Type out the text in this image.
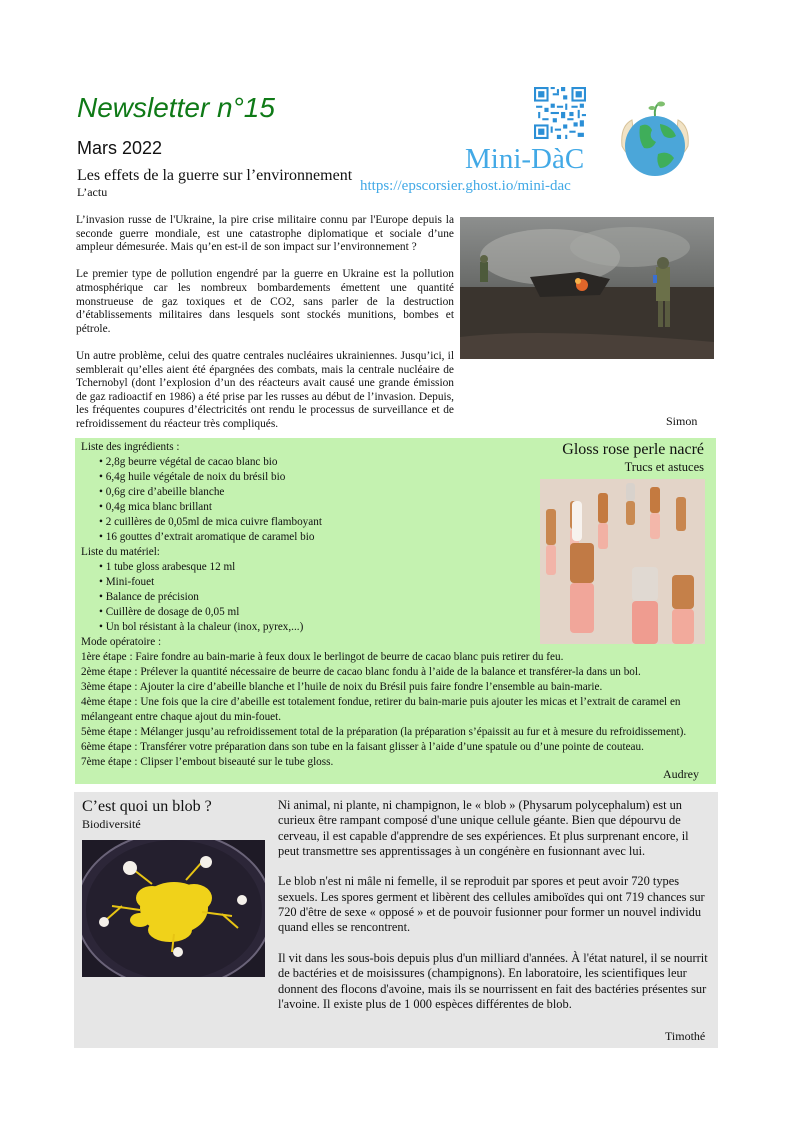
Newsletter n°15
Mars 2022	Mini-DàC
https://epscorsier.ghost.io/mini-dac
Les effets de la guerre sur l’environnement
L’actu

L’invasion russe de l'Ukraine, la pire crise militaire connu par l'Europe depuis la seconde guerre mondiale, est une catastrophe diplomatique et sociale d’une ampleur démesurée. Mais qu’en est-il de son impact sur l’environnement ?

Le premier type de pollution engendré par la guerre en Ukraine est la pollution atmosphérique car les nombreux bombardements émettent une quantité monstrueuse de gaz toxiques et de CO2, sans parler de la destruction d’établissements militaires dans lesquels sont stockés munitions, bombes et pétrole.

Un autre problème, celui des quatre centrales nucléaires ukrainiennes. Jusqu’ici, il semblerait qu’elles aient été épargnées des combats, mais la centrale nucléaire de Tchernobyl (dont l’explosion d’un des réacteurs avait causé une grande émission de gaz radioactif en 1986) a été prise par les russes au début de l’invasion. Depuis, les fréquentes coupures d’électricités ont rendu le processus de surveillance et de refroidissement du réacteur très compliqués.	Simon
Liste des ingrédients :
• 2,8g beurre végétal de cacao blanc bio
• 6,4g huile végétale de noix du brésil bio
• 0,6g cire d’abeille blanche
• 0,4g mica blanc brillant
• 2 cuillères de 0,05ml de mica cuivre flamboyant
• 16 gouttes d’extrait aromatique de caramel bio
Liste du matériel:
• 1 tube gloss arabesque 12 ml
• Mini-fouet
• Balance de précision
• Cuillère de dosage de 0,05 ml
• Un bol résistant à la chaleur (inox, pyrex,...)
Mode opératoire :
1ère étape : Faire fondre au bain-marie à feux doux le berlingot de beurre de cacao blanc puis retirer du feu.
2ème étape : Prélever la quantité nécessaire de beurre de cacao blanc fondu à l’aide de la balance et transférer-la dans un bol.
3ème étape : Ajouter la cire d’abeille blanche et l’huile de noix du Brésil puis faire fondre l’ensemble au bain-marie.
4ème étape : Une fois que la cire d’abeille est totalement fondue, retirer du bain-marie puis ajouter les micas et l’extrait de caramel en mélangeant entre chaque ajout du min-fouet.
5ème étape : Mélanger jusqu’au refroidissement total de la préparation (la préparation s’épaissit au fur et à mesure du refroidissement).
6ème étape : Transférer votre préparation dans son tube en la faisant glisser à l’aide d’une spatule ou d’une pointe de couteau.
7ème étape : Clipser l’embout biseauté sur le tube gloss.
Gloss rose perle nacré
Trucs et astuces
Audrey
C’est quoi un blob ?
Biodiversité

Ni animal, ni plante, ni champignon, le « blob » (Physarum polycephalum) est un curieux être rampant composé d'une unique cellule géante. Bien que dépourvu de cerveau, il est capable d'apprendre de ses expériences. Et plus surprenant encore, il peut transmettre ses apprentissages à un congénère en fusionnant avec lui.

Le blob n'est ni mâle ni femelle, il se reproduit par spores et peut avoir 720 types sexuels. Les spores germent et libèrent des cellules amiboïdes qui ont 719 chances sur 720 d'être de sexe « opposé » et de pouvoir fusionner pour former un nouvel individu quand elles se rencontrent.

Il vit dans les sous-bois depuis plus d'un milliard d'années. À l'état naturel, il se nourrit de bactéries et de moisissures (champignons). En laboratoire, les scientifiques leur donnent des flocons d'avoine, mais ils se nourrissent en fait des bactéries présentes sur l'avoine. Il existe plus de 1 000 espèces différentes de blob.

Timothé
